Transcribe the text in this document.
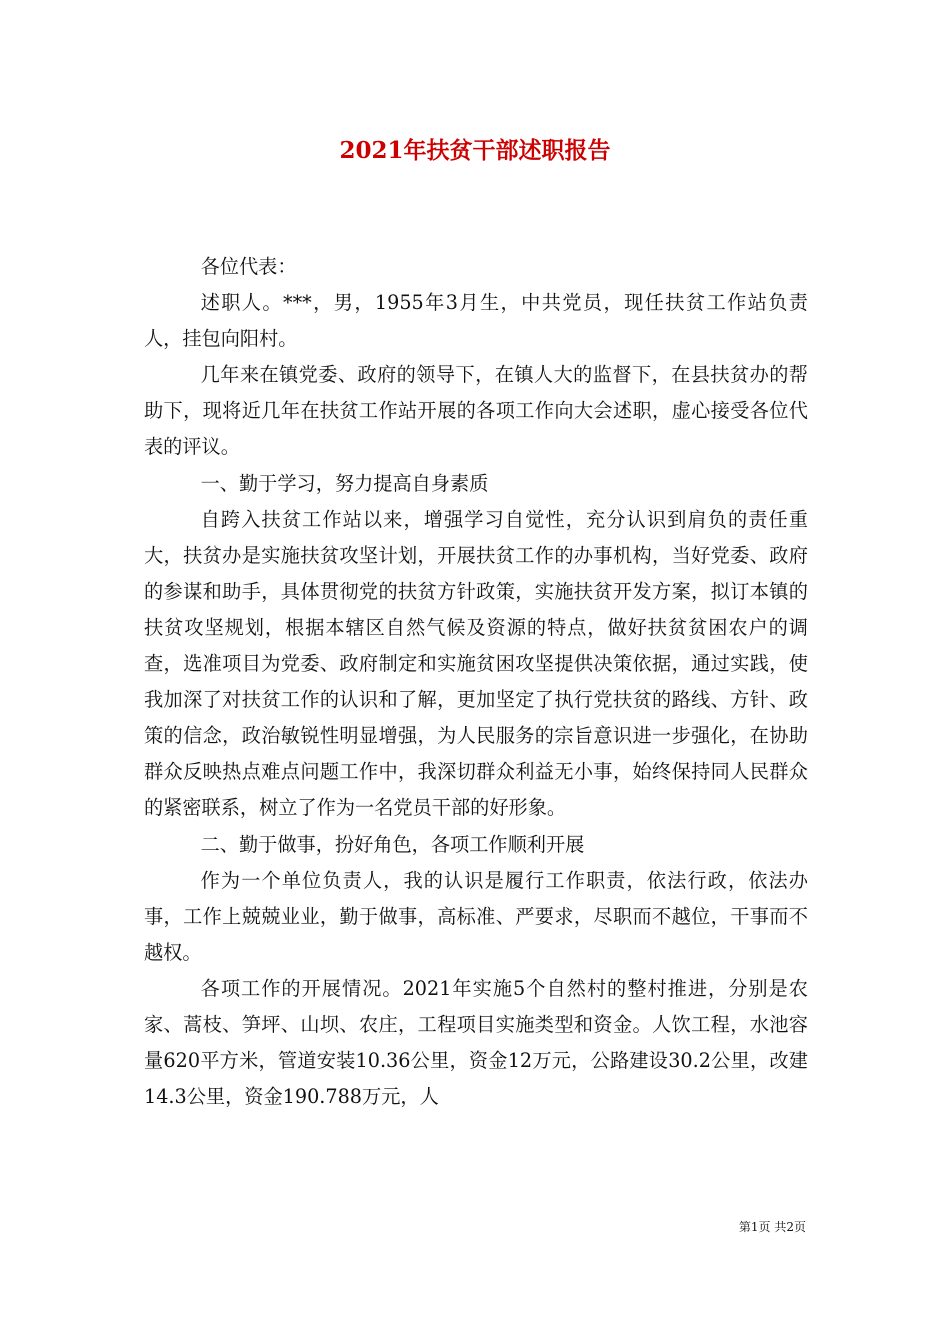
2021年扶贫干部述职报告

各位代表：

述职人。***，男，1955年3月生，中共党员，现任扶贫工作站负责人，挂包向阳村。

几年来在镇党委、政府的领导下，在镇人大的监督下，在县扶贫办的帮助下，现将近几年在扶贫工作站开展的各项工作向大会述职，虚心接受各位代表的评议。

一、勤于学习，努力提高自身素质

自跨入扶贫工作站以来，增强学习自觉性，充分认识到肩负的责任重大，扶贫办是实施扶贫攻坚计划，开展扶贫工作的办事机构，当好党委、政府的参谋和助手，具体贯彻党的扶贫方针政策，实施扶贫开发方案，拟订本镇的扶贫攻坚规划，根据本辖区自然气候及资源的特点，做好扶贫贫困农户的调查，选准项目为党委、政府制定和实施贫困攻坚提供决策依据，通过实践，使我加深了对扶贫工作的认识和了解，更加坚定了执行党扶贫的路线、方针、政策的信念，政治敏锐性明显增强，为人民服务的宗旨意识进一步强化，在协助群众反映热点难点问题工作中，我深切群众利益无小事，始终保持同人民群众的紧密联系，树立了作为一名党员干部的好形象。

二、勤于做事，扮好角色，各项工作顺利开展

作为一个单位负责人，我的认识是履行工作职责，依法行政，依法办事，工作上兢兢业业，勤于做事，高标准、严要求，尽职而不越位，干事而不越权。

各项工作的开展情况。2021年实施5个自然村的整村推进，分别是农家、蒿枝、笋坪、山坝、农庄，工程项目实施类型和资金。人饮工程，水池容量620平方米，管道安装10.36公里，资金12万元，公路建设30.2公里，改建14.3公里，资金190.788万元，人

第1页 共2页
